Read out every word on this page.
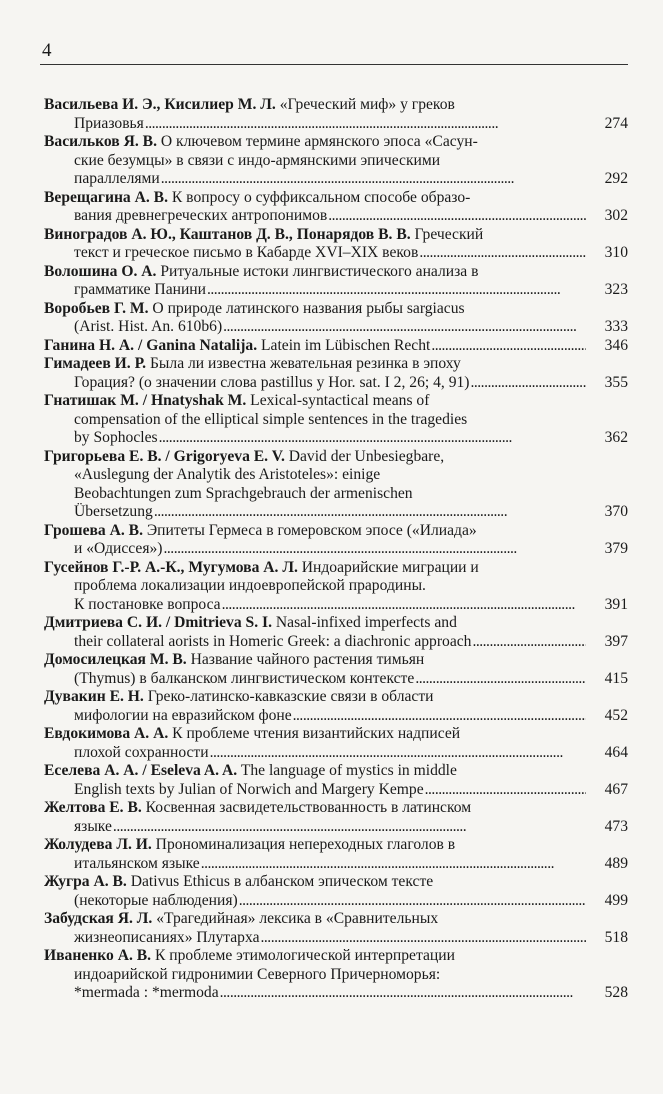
4
Васильева И. Э., Кисилиер М. Л. «Греческий миф» у греков
Приазовья . . .	274
Васильков Я. В. О ключевом термине армянского эпоса «Сасун-
ские безумцы» в связи с индо-армянскими эпическими
параллелями . . .	292
Верещагина А. В. К вопросу о суффиксальном способе образо-
вания древнегреческих антропонимов . . .	302
Виноградов А. Ю., Каштанов Д. В., Понарядов В. В. Греческий
текст и греческое письмо в Кабарде XVI–XIX веков . . .	310
Волошина О. А. Ритуальные истоки лингвистического анализа в
грамматике Панини . . .	323
Воробьев Г. М. О природе латинского названия рыбы sargiacus
(Arist. Hist. An. 610b6) . . .	333
Ганина Н. А. / Ganina Natalija. Latein im Lübischen Recht . . .	346
Гимадеев И. Р. Была ли известна жевательная резинка в эпоху
Горация? (о значении слова pastillus у Hor. sat. I 2, 26; 4, 91) . . .	355
Гнатишак М. / Hnatyshak M. Lexical-syntactical means of
compensation of the elliptical simple sentences in the tragedies
by Sophocles . . .	362
Григорьева Е. В. / Grigoryeva E. V. David der Unbesiegbare,
«Auslegung der Analytik des Aristoteles»: einige
Beobachtungen zum Sprachgebrauch der armenischen
Übersetzung . . .	370
Грошева А. В. Эпитеты Гермеса в гомеровском эпосе («Илиада»
и «Одиссея») . . .	379
Гусейнов Г.-Р. А.-К., Мугумова А. Л. Индоарийские миграции и
проблема локализации индоевропейской прародины.
К постановке вопроса . . .	391
Дмитриева С. И. / Dmitrieva S. I. Nasal-infixed imperfects and
their collateral aorists in Homeric Greek: a diachronic approach . . .	397
Домосилецкая М. В. Название чайного растения тимьян
(Thymus) в балканском лингвистическом контексте . . .	415
Дувакин Е. Н. Греко-латинско-кавказские связи в области
мифологии на евразийском фоне . . .	452
Евдокимова А. А. К проблеме чтения византийских надписей
плохой сохранности . . .	464
Еселева А. А. / Eseleva A. A. The language of mystics in middle
English texts by Julian of Norwich and Margery Kempe . . .	467
Желтова Е. В. Косвенная засвидетельствованность в латинском
языке . . .	473
Жолудева Л. И. Прономинализация непереходных глаголов в
итальянском языке . . .	489
Жугра А. В. Dativus Ethicus в албанском эпическом тексте
(некоторые наблюдения) . . .	499
Забудская Я. Л. «Трагедийная» лексика в «Сравнительных
жизнеописаниях» Плутарха . . .	518
Иваненко А. В. К проблеме этимологической интерпретации
индоарийской гидронимии Северного Причерноморья:
*mermada : *mermoda . . .	528
